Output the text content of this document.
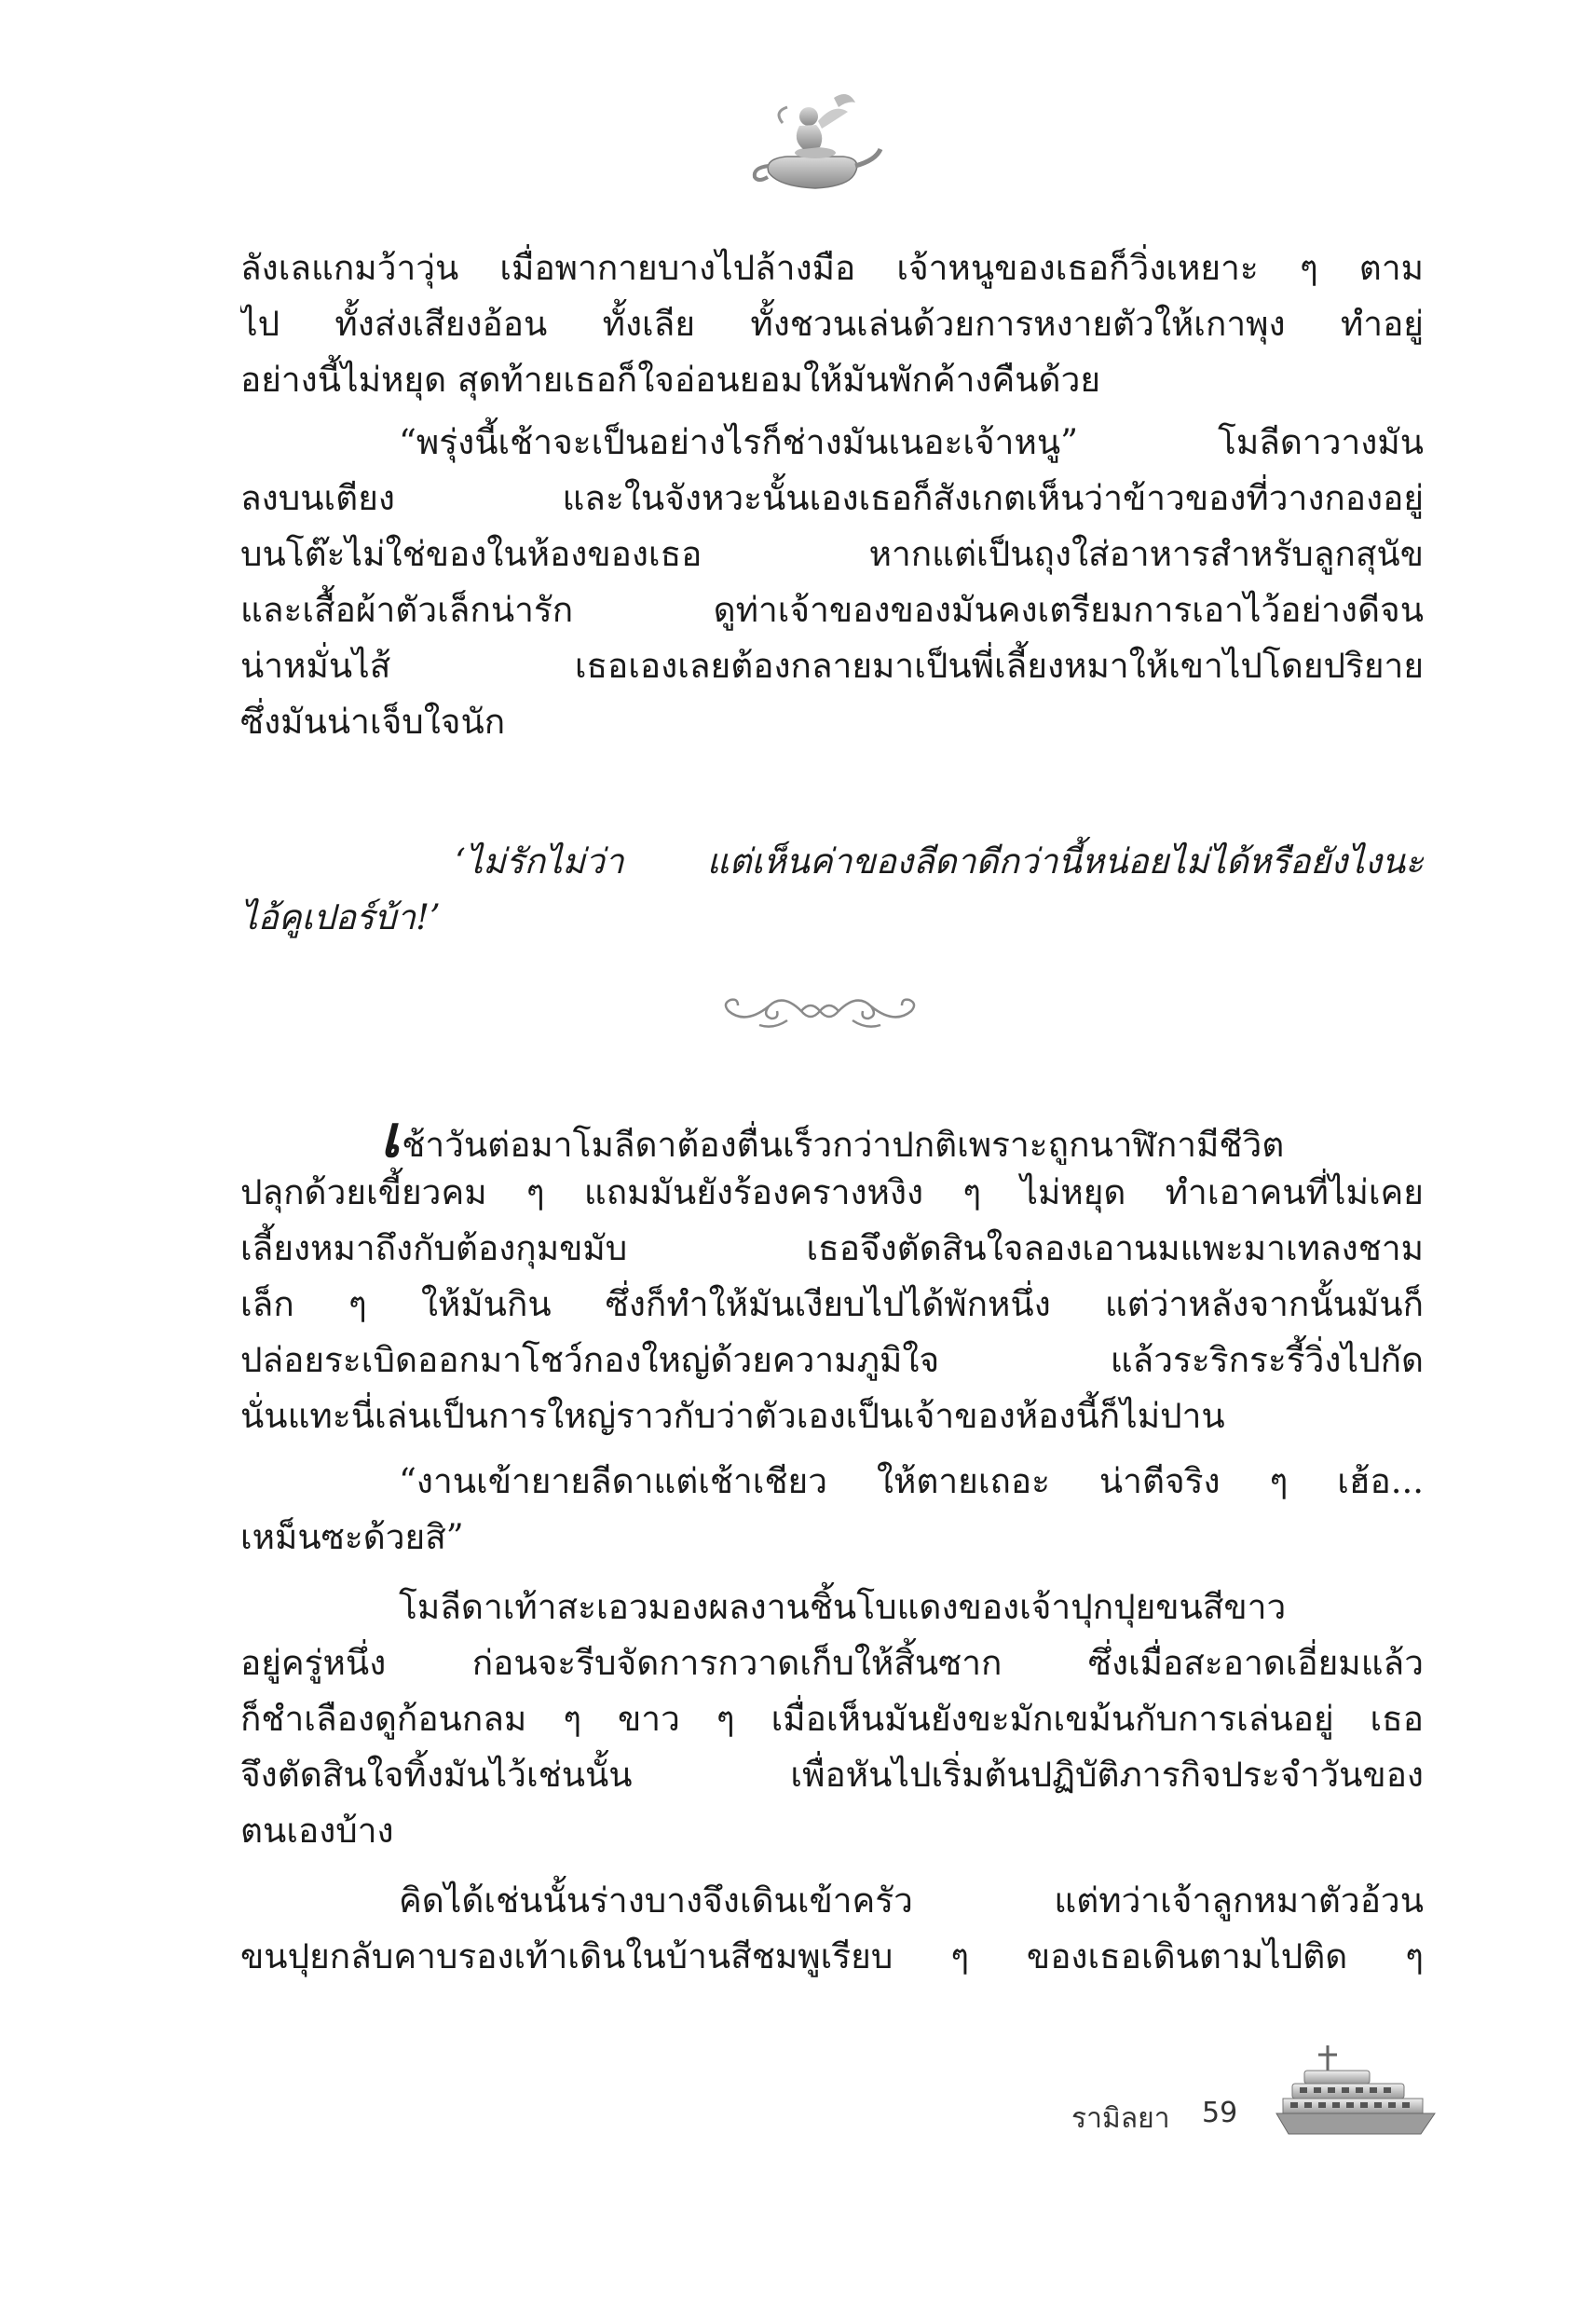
ลังเลแกมว้าวุ่น เมื่อพากายบางไปล้างมือ เจ้าหนูของเธอก็วิ่งเหยาะ ๆ ตาม
ไป ทั้งส่งเสียงอ้อน ทั้งเลีย ทั้งชวนเล่นด้วยการหงายตัวให้เกาพุง ทำอยู่
อย่างนี้ไม่หยุด สุดท้ายเธอก็ใจอ่อนยอมให้มันพักค้างคืนด้วย
“พรุ่งนี้เช้าจะเป็นอย่างไรก็ช่างมันเนอะเจ้าหนู” โมลีดาวางมัน
ลงบนเตียง และในจังหวะนั้นเองเธอก็สังเกตเห็นว่าข้าวของที่วางกองอยู่
บนโต๊ะไม่ใช่ของในห้องของเธอ หากแต่เป็นถุงใส่อาหารสำหรับลูกสุนัข
และเสื้อผ้าตัวเล็กน่ารัก ดูท่าเจ้าของของมันคงเตรียมการเอาไว้อย่างดีจน
น่าหมั่นไส้ เธอเองเลยต้องกลายมาเป็นพี่เลี้ยงหมาให้เขาไปโดยปริยาย
ซึ่งมันน่าเจ็บใจนัก
‘ไม่รักไม่ว่า แต่เห็นค่าของลีดาดีกว่านี้หน่อยไม่ได้หรือยังไงนะ
ไอ้คูเปอร์บ้า!’
เช้าวันต่อมาโมลีดาต้องตื่นเร็วกว่าปกติเพราะถูกนาฬิกามีชีวิต
ปลุกด้วยเขี้ยวคม ๆ แถมมันยังร้องครางหงิง ๆ ไม่หยุด ทำเอาคนที่ไม่เคย
เลี้ยงหมาถึงกับต้องกุมขมับ เธอจึงตัดสินใจลองเอานมแพะมาเทลงชาม
เล็ก ๆ ให้มันกิน ซึ่งก็ทำให้มันเงียบไปได้พักหนึ่ง แต่ว่าหลังจากนั้นมันก็
ปล่อยระเบิดออกมาโชว์กองใหญ่ด้วยความภูมิใจ แล้วระริกระรี้วิ่งไปกัด
นั่นแทะนี่เล่นเป็นการใหญ่ราวกับว่าตัวเองเป็นเจ้าของห้องนี้ก็ไม่ปาน
“งานเข้ายายลีดาแต่เช้าเชียว ให้ตายเถอะ น่าตีจริง ๆ เฮ้อ...
เหม็นซะด้วยสิ”
โมลีดาเท้าสะเอวมองผลงานชิ้นโบแดงของเจ้าปุกปุยขนสีขาว
อยู่ครู่หนึ่ง ก่อนจะรีบจัดการกวาดเก็บให้สิ้นซาก ซึ่งเมื่อสะอาดเอี่ยมแล้ว
ก็ชำเลืองดูก้อนกลม ๆ ขาว ๆ เมื่อเห็นมันยังขะมักเขม้นกับการเล่นอยู่ เธอ
จึงตัดสินใจทิ้งมันไว้เช่นนั้น เพื่อหันไปเริ่มต้นปฏิบัติภารกิจประจำวันของ
ตนเองบ้าง
คิดได้เช่นนั้นร่างบางจึงเดินเข้าครัว แต่ทว่าเจ้าลูกหมาตัวอ้วน
ขนปุยกลับคาบรองเท้าเดินในบ้านสีชมพูเรียบ ๆ ของเธอเดินตามไปติด ๆ
รามิลยา 59
